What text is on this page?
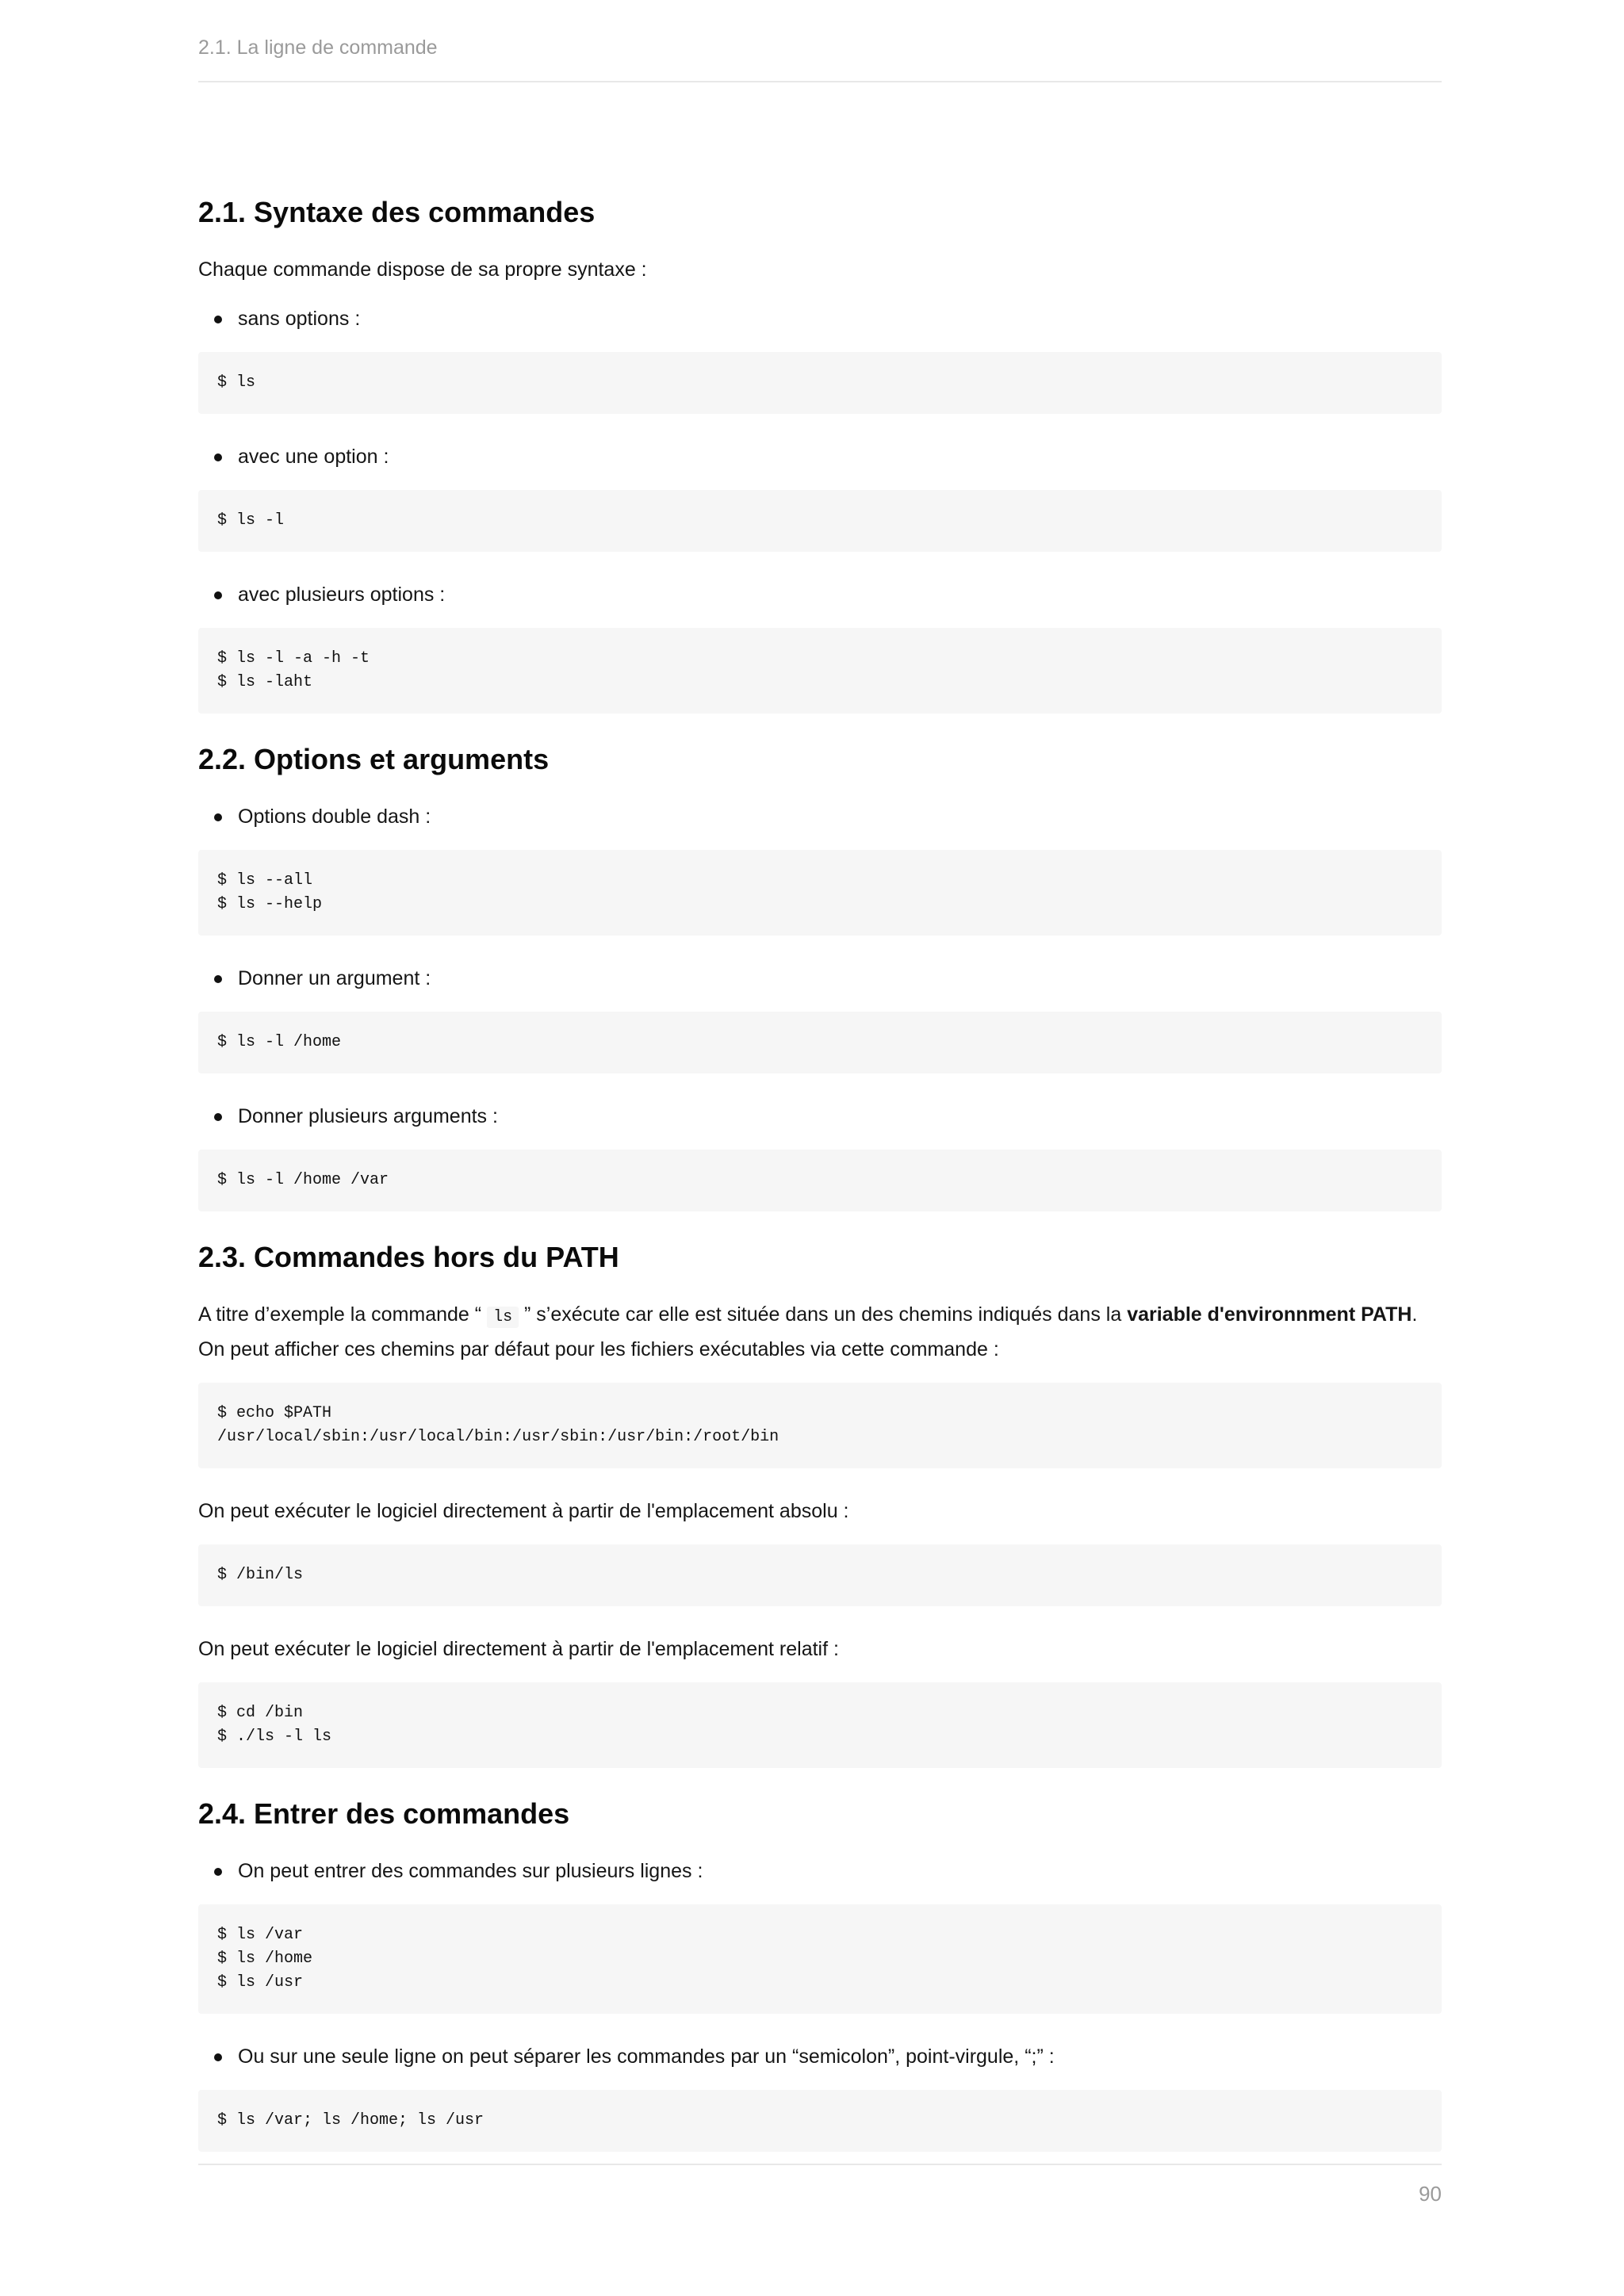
2.1. La ligne de commande
2.1. Syntaxe des commandes

Chaque commande dispose de sa propre syntaxe :

sans options :
$ ls
avec une option :
$ ls -l
avec plusieurs options :
$ ls -l -a -h -t
$ ls -laht
2.2. Options et arguments
Options double dash :
$ ls --all
$ ls --help
Donner un argument :
$ ls -l /home
Donner plusieurs arguments :
$ ls -l /home /var
2.3. Commandes hors du PATH

A titre d’exemple la commande “ ls ” s’exécute car elle est située dans un des chemins indiqués dans la variable d'environnment PATH. On peut afficher ces chemins par défaut pour les fichiers exécutables via cette commande :

$ echo $PATH
/usr/local/sbin:/usr/local/bin:/usr/sbin:/usr/bin:/root/bin

On peut exécuter le logiciel directement à partir de l'emplacement absolu :

$ /bin/ls

On peut exécuter le logiciel directement à partir de l'emplacement relatif :

$ cd /bin
$ ./ls -l ls
2.4. Entrer des commandes
On peut entrer des commandes sur plusieurs lignes :
$ ls /var
$ ls /home
$ ls /usr
Ou sur une seule ligne on peut séparer les commandes par un “semicolon”, point-virgule, “;” :
$ ls /var; ls /home; ls /usr
90
